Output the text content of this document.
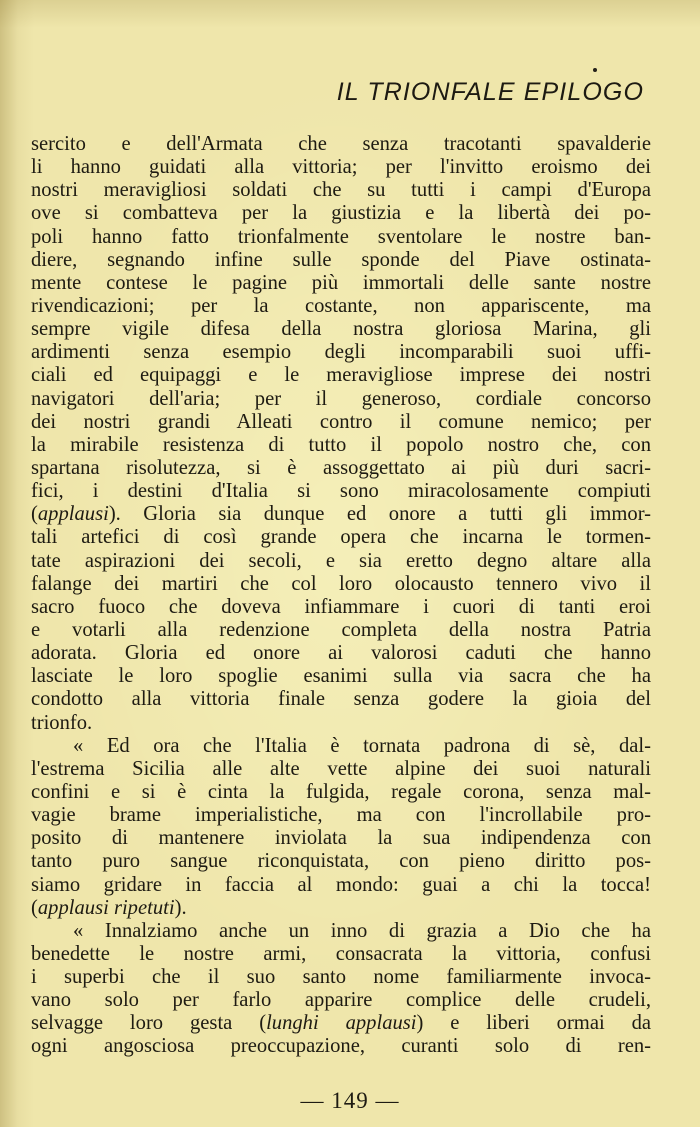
IL TRIONFALE EPILOGO
sercito e dell'Armata che senza tracotanti spavalderie
li hanno guidati alla vittoria; per l'invitto eroismo dei
nostri meravigliosi soldati che su tutti i campi d'Europa
ove si combatteva per la giustizia e la libertà dei po-
poli hanno fatto trionfalmente sventolare le nostre ban-
diere, segnando infine sulle sponde del Piave ostinata-
mente contese le pagine più immortali delle sante nostre
rivendicazioni; per la costante, non appariscente, ma
sempre vigile difesa della nostra gloriosa Marina, gli
ardimenti senza esempio degli incomparabili suoi uffi-
ciali ed equipaggi e le meravigliose imprese dei nostri
navigatori dell'aria; per il generoso, cordiale concorso
dei nostri grandi Alleati contro il comune nemico; per
la mirabile resistenza di tutto il popolo nostro che, con
spartana risolutezza, si è assoggettato ai più duri sacri-
fici, i destini d'Italia si sono miracolosamente compiuti
(applausi). Gloria sia dunque ed onore a tutti gli immor-
tali artefici di così grande opera che incarna le tormen-
tate aspirazioni dei secoli, e sia eretto degno altare alla
falange dei martiri che col loro olocausto tennero vivo il
sacro fuoco che doveva infiammare i cuori di tanti eroi
e votarli alla redenzione completa della nostra Patria
adorata. Gloria ed onore ai valorosi caduti che hanno
lasciate le loro spoglie esanimi sulla via sacra che ha
condotto alla vittoria finale senza godere la gioia del
trionfo.
« Ed ora che l'Italia è tornata padrona di sè, dal-
l'estrema Sicilia alle alte vette alpine dei suoi naturali
confini e si è cinta la fulgida, regale corona, senza mal-
vagie brame imperialistiche, ma con l'incrollabile pro-
posito di mantenere inviolata la sua indipendenza con
tanto puro sangue riconquistata, con pieno diritto pos-
siamo gridare in faccia al mondo: guai a chi la tocca!
(applausi ripetuti).
« Innalziamo anche un inno di grazia a Dio che ha
benedette le nostre armi, consacrata la vittoria, confusi
i superbi che il suo santo nome familiarmente invoca-
vano solo per farlo apparire complice delle crudeli,
selvagge loro gesta (lunghi applausi) e liberi ormai da
ogni angosciosa preoccupazione, curanti solo di ren-
— 149 —
